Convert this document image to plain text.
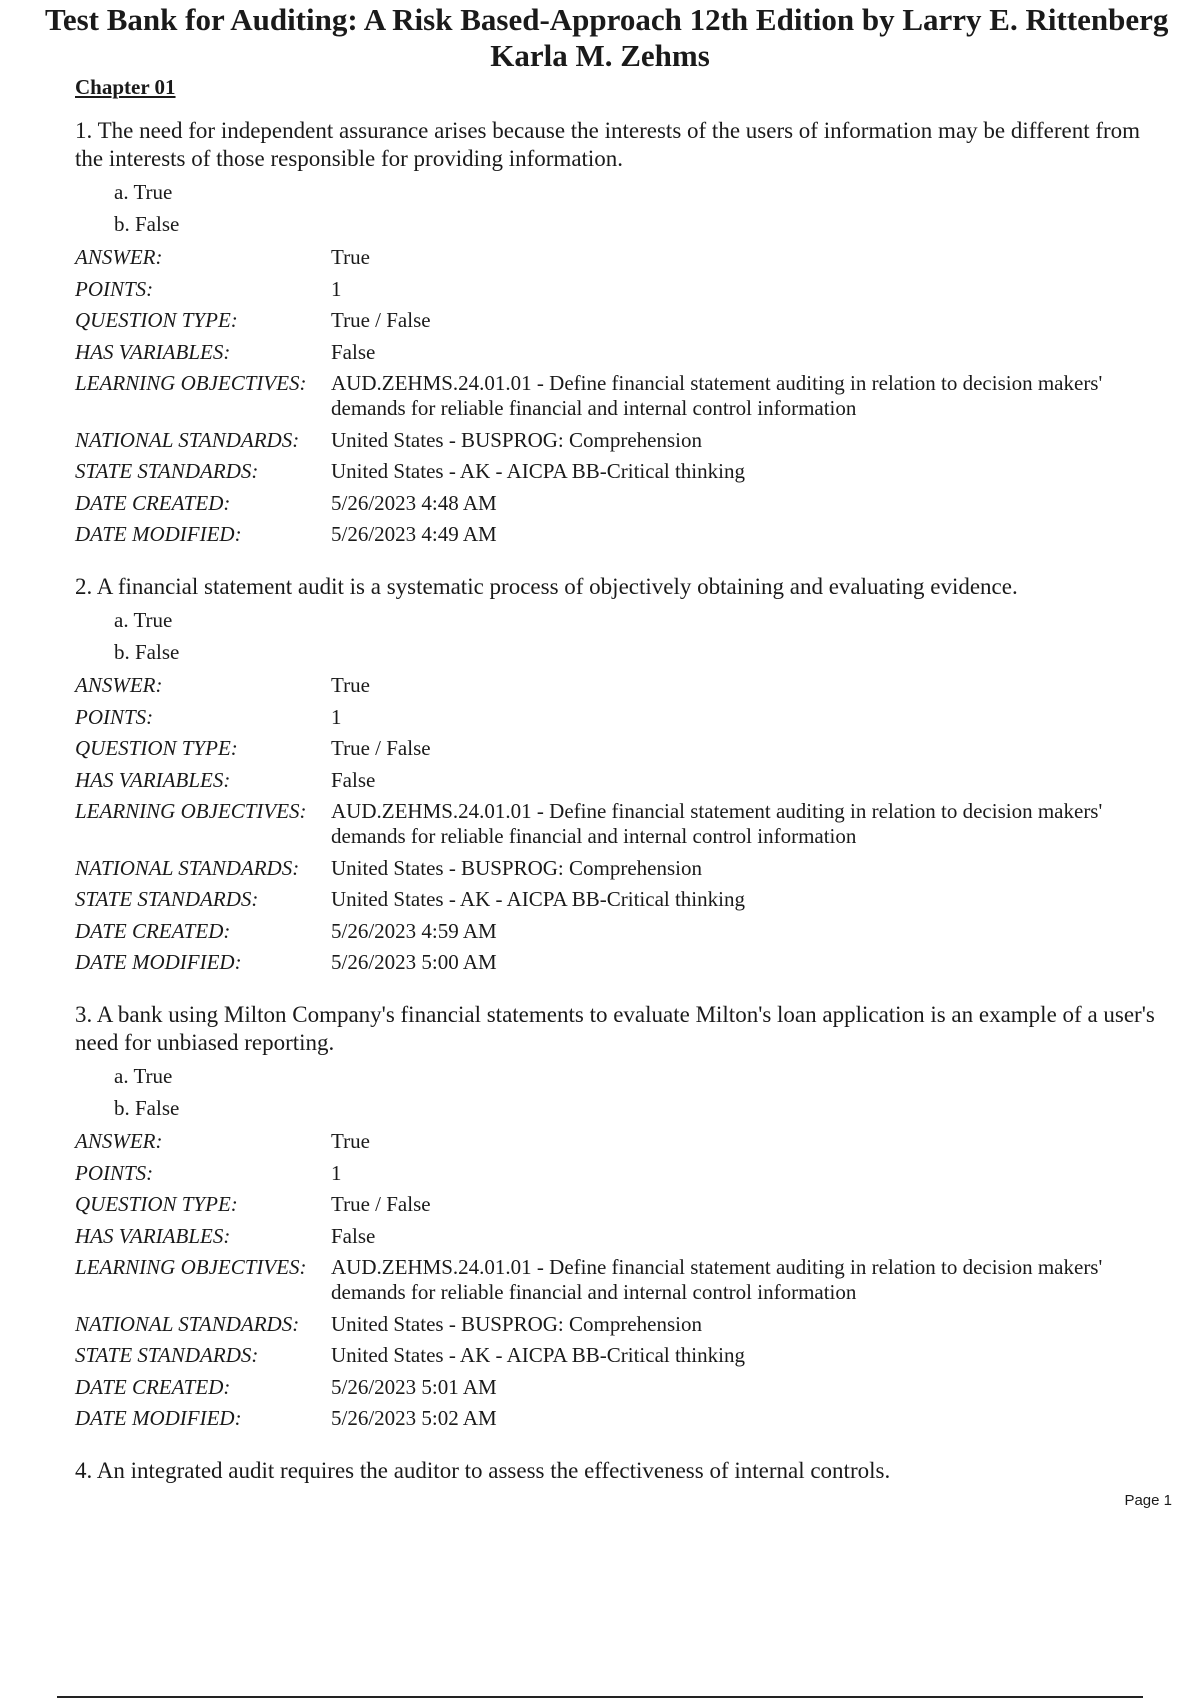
Test Bank for Auditing: A Risk Based-Approach 12th Edition by Larry E. Rittenberg
Karla M. Zehms
Chapter 01

1. The need for independent assurance arises because the interests of the users of information may be different from the interests of those responsible for providing information.

a. True
b. False
ANSWER:	True
POINTS:	1
QUESTION TYPE:	True / False
HAS VARIABLES:	False
LEARNING OBJECTIVES:	AUD.ZEHMS.24.01.01 - Define financial statement auditing in relation to decision makers' demands for reliable financial and internal control information
NATIONAL STANDARDS:	United States - BUSPROG: Comprehension
STATE STANDARDS:	United States - AK - AICPA BB-Critical thinking
DATE CREATED:	5/26/2023 4:48 AM
DATE MODIFIED:	5/26/2023 4:49 AM

2. A financial statement audit is a systematic process of objectively obtaining and evaluating evidence.

a. True
b. False
ANSWER:	True
POINTS:	1
QUESTION TYPE:	True / False
HAS VARIABLES:	False
LEARNING OBJECTIVES:	AUD.ZEHMS.24.01.01 - Define financial statement auditing in relation to decision makers' demands for reliable financial and internal control information
NATIONAL STANDARDS:	United States - BUSPROG: Comprehension
STATE STANDARDS:	United States - AK - AICPA BB-Critical thinking
DATE CREATED:	5/26/2023 4:59 AM
DATE MODIFIED:	5/26/2023 5:00 AM

3. A bank using Milton Company's financial statements to evaluate Milton's loan application is an example of a user's need for unbiased reporting.

a. True
b. False
ANSWER:	True
POINTS:	1
QUESTION TYPE:	True / False
HAS VARIABLES:	False
LEARNING OBJECTIVES:	AUD.ZEHMS.24.01.01 - Define financial statement auditing in relation to decision makers' demands for reliable financial and internal control information
NATIONAL STANDARDS:	United States - BUSPROG: Comprehension
STATE STANDARDS:	United States - AK - AICPA BB-Critical thinking
DATE CREATED:	5/26/2023 5:01 AM
DATE MODIFIED:	5/26/2023 5:02 AM

4. An integrated audit requires the auditor to assess the effectiveness of internal controls.

Page 1
